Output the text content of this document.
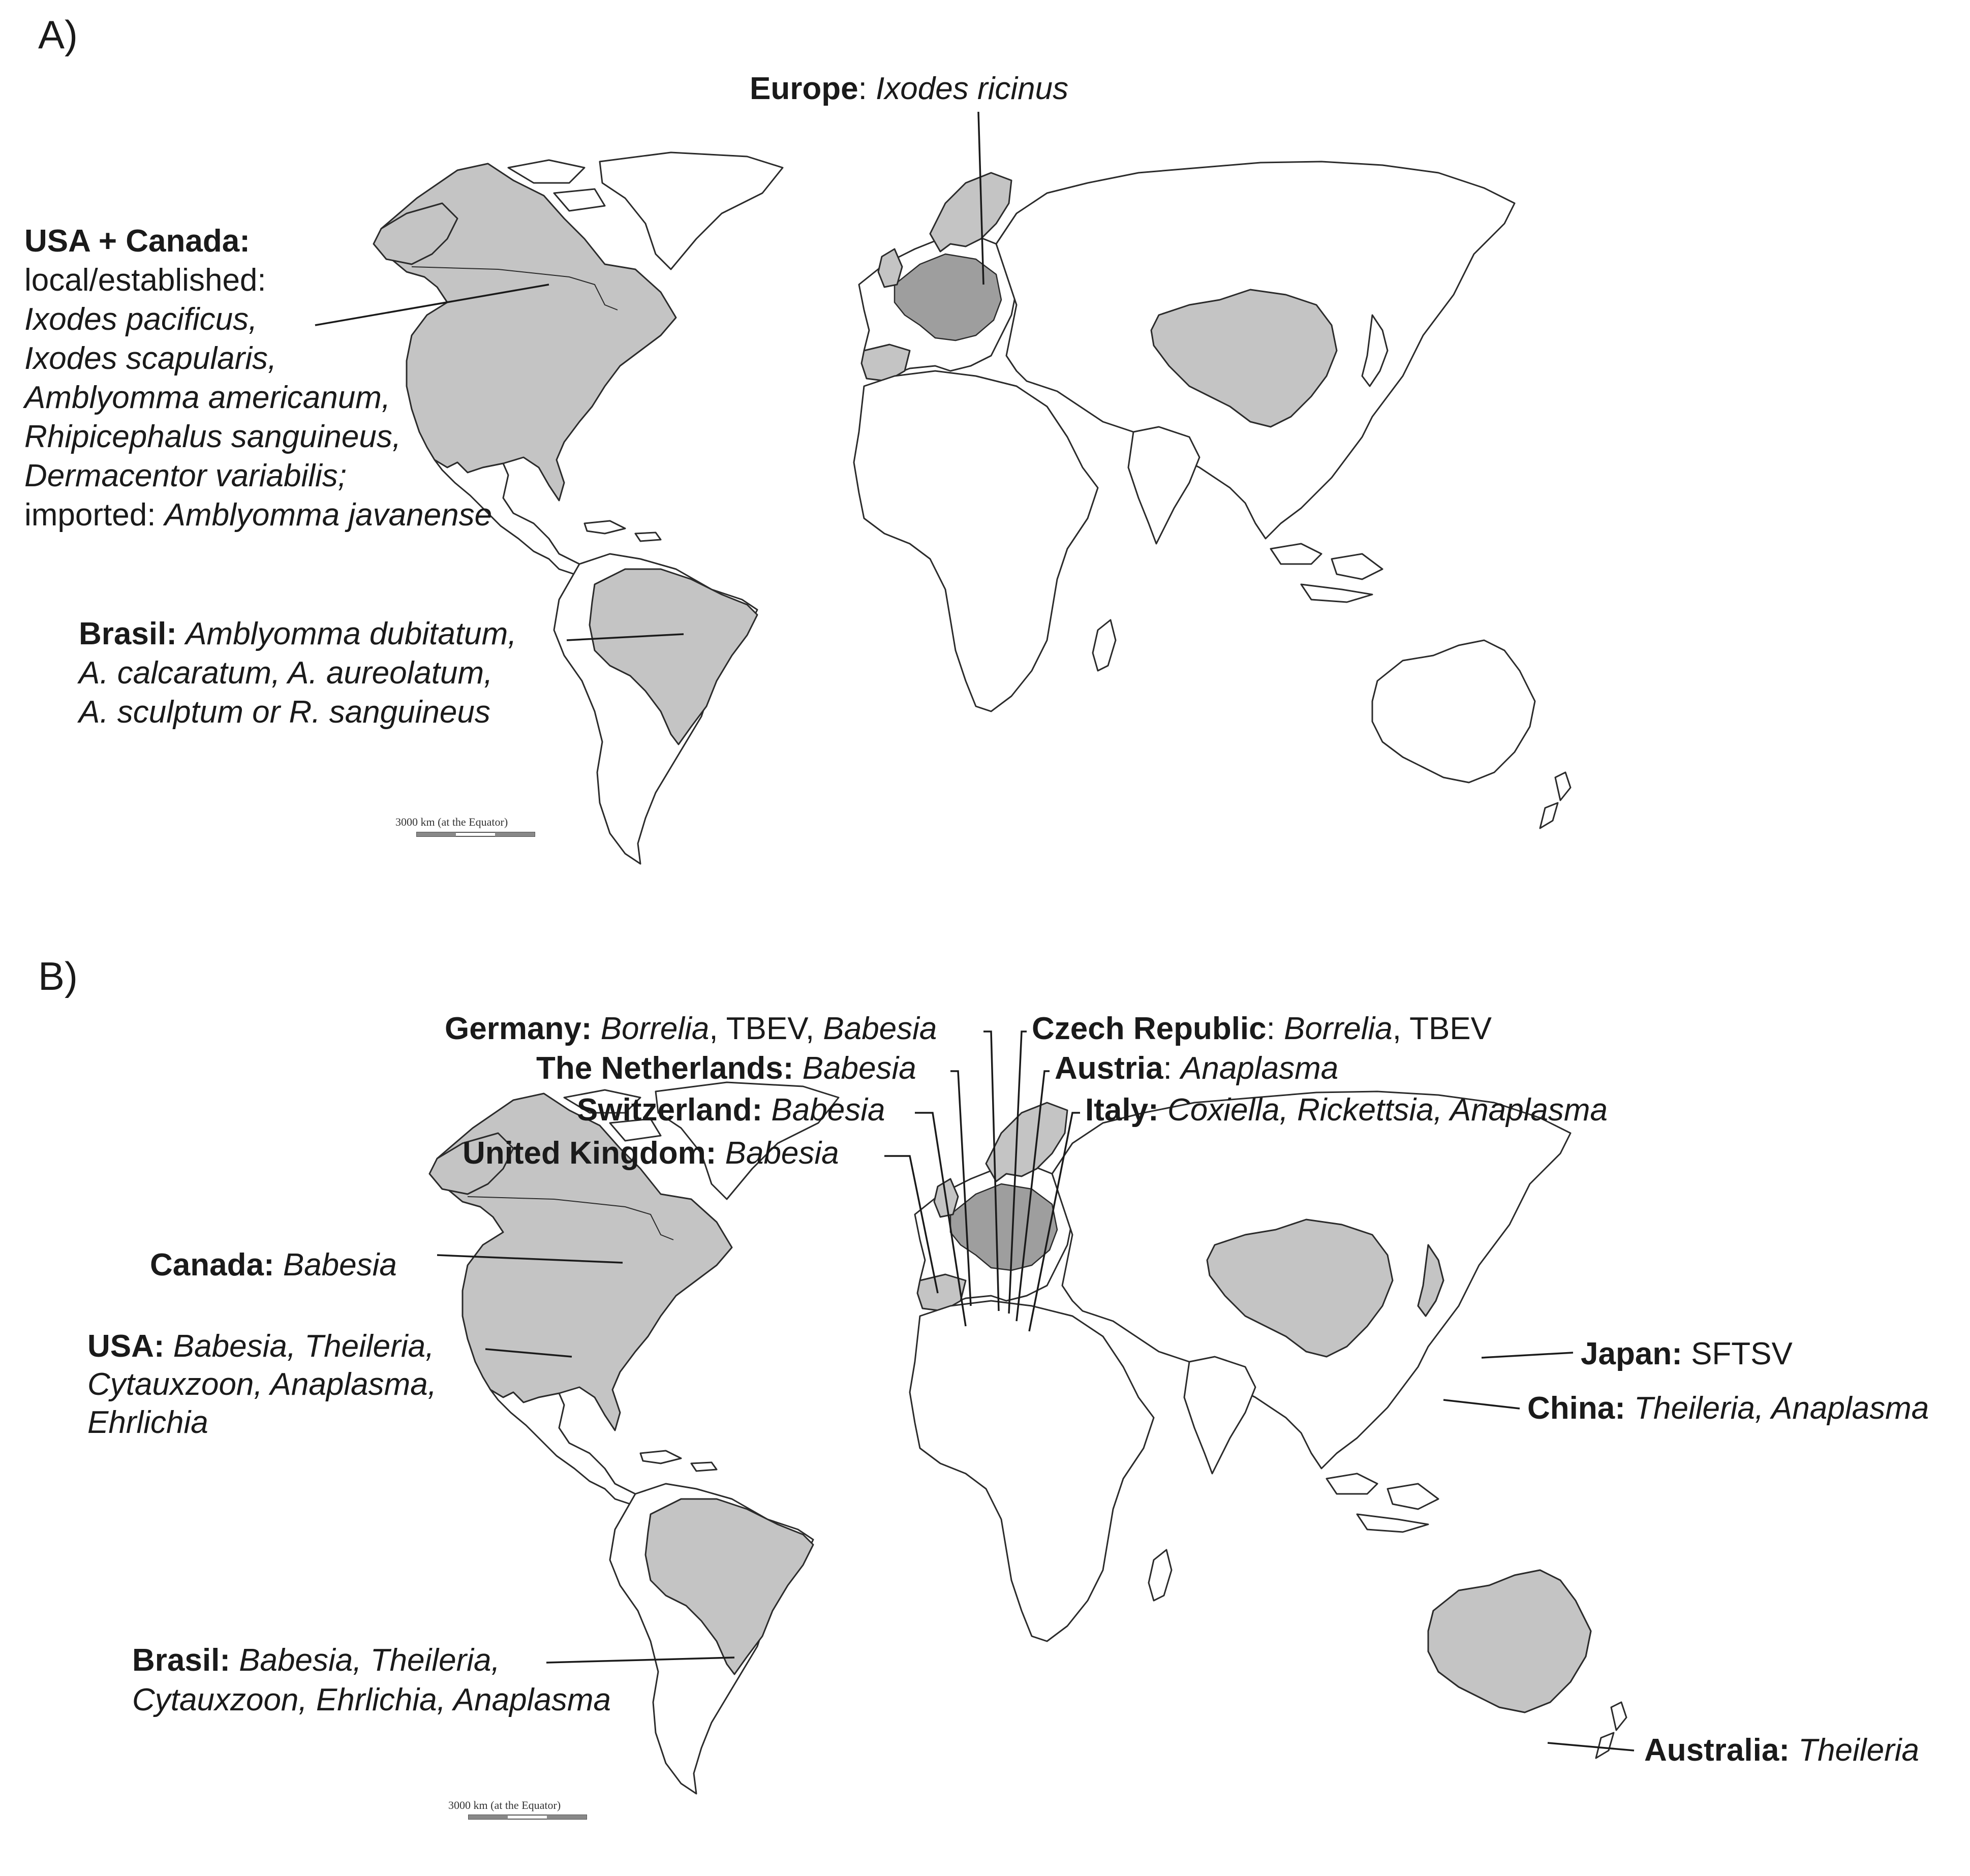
A)
Europe: Ixodes ricinus
USA + Canada:
local/established:
Ixodes pacificus,
Ixodes scapularis,
Amblyomma americanum,
Rhipicephalus sanguineus,
Dermacentor variabilis;
imported: Amblyomma javanense
Brasil: Amblyomma dubitatum,
A. calcaratum, A. aureolatum,
A. sculptum or R. sanguineus
3000 km (at the Equator)
B)
Germany: Borrelia, TBEV, Babesia	Czech Republic: Borrelia, TBEV
The Netherlands: Babesia	Austria: Anaplasma
Switzerland: Babesia	Italy: Coxiella, Rickettsia, Anaplasma
United Kingdom: Babesia
Canada: Babesia
USA: Babesia, Theileria,
Cytauxzoon, Anaplasma,
Ehrlichia
Japan: SFTSV
China: Theileria, Anaplasma
Brasil: Babesia, Theileria,
Cytauxzoon, Ehrlichia, Anaplasma
Australia: Theileria
3000 km (at the Equator)
